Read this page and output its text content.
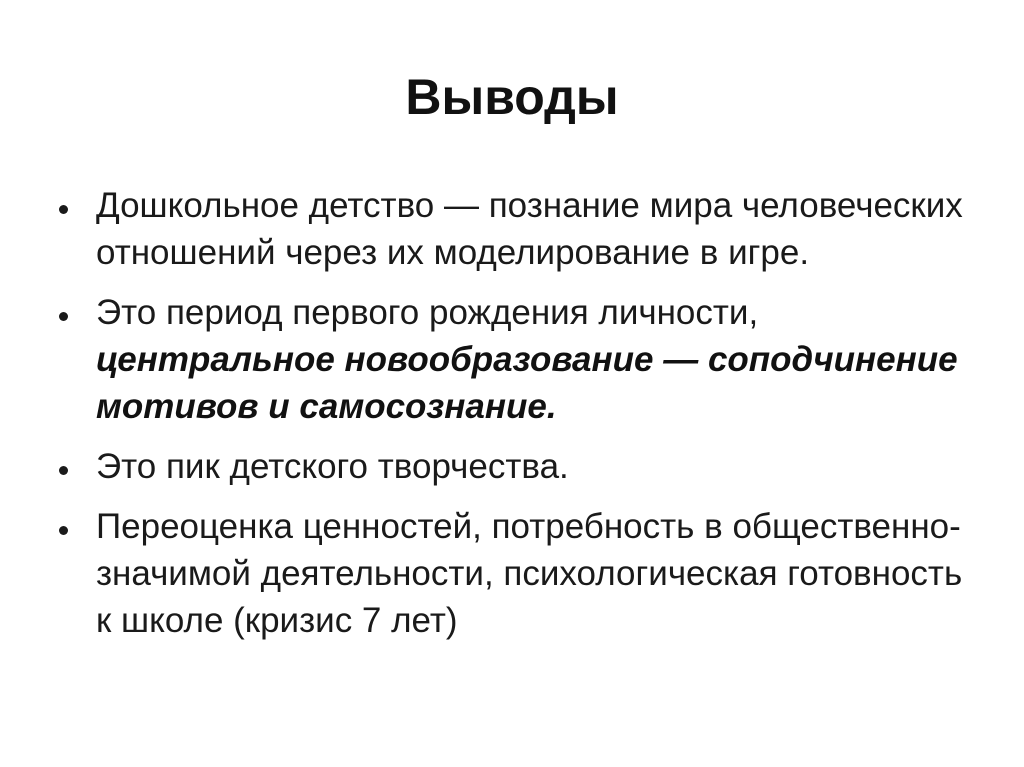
Выводы
Дошкольное детство — познание мира человеческих отношений через их моделирование в игре.
Это период первого рождения личности, центральное новообразование — соподчинение мотивов и самосознание.
Это пик детского творчества.
Переоценка ценностей, потребность в общественно-значимой деятельности, психологическая готовность к школе (кризис 7 лет)
